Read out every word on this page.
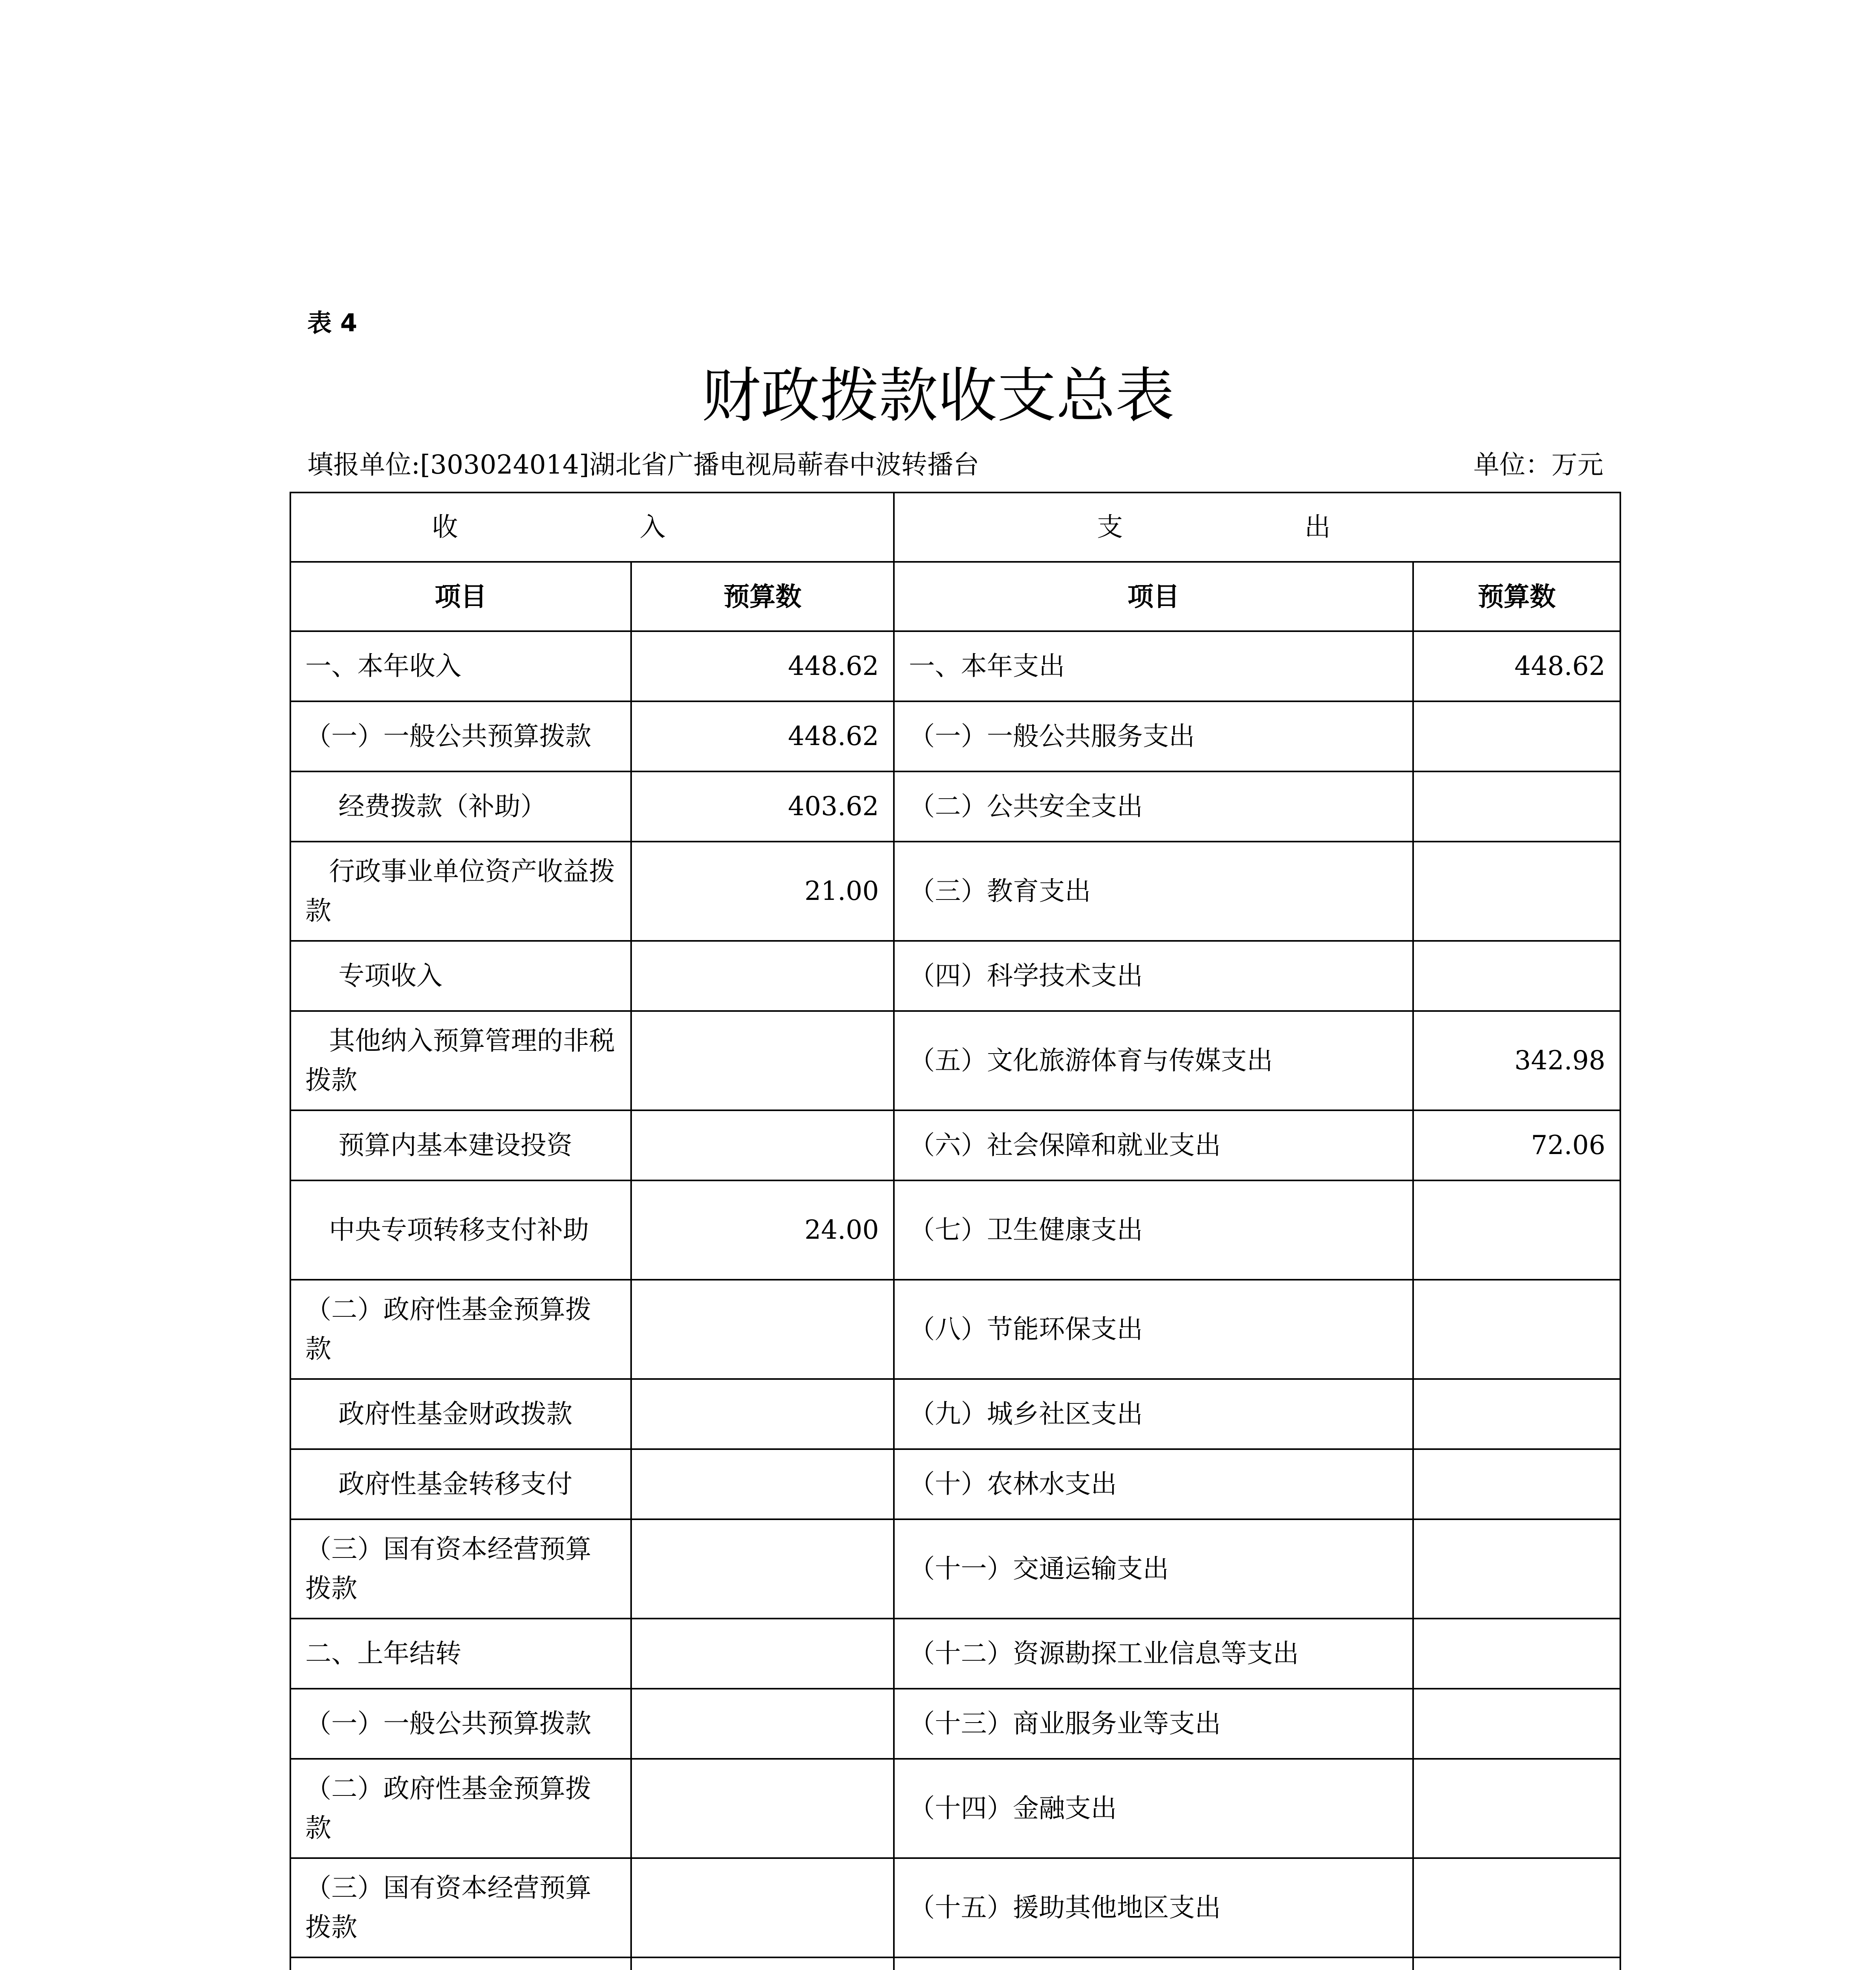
表 4
财政拨款收支总表
填报单位:[303024014]湖北省广播电视局蕲春中波转播台	单位：万元
收 入		支 出	
项目	预算数	项目	预算数
一、本年收入	448.62	一、本年支出	448.62
（一）一般公共预算拨款	448.62	（一）一般公共服务支出	
经费拨款（补助）	403.62	（二）公共安全支出	
行政事业单位资产收益拨款	21.00	（三）教育支出	
专项收入		（四）科学技术支出	
其他纳入预算管理的非税拨款		（五）文化旅游体育与传媒支出	342.98
预算内基本建设投资		（六）社会保障和就业支出	72.06
中央专项转移支付补助	24.00	（七）卫生健康支出	
（二）政府性基金预算拨款		（八）节能环保支出	
政府性基金财政拨款		（九）城乡社区支出	
政府性基金转移支付		（十）农林水支出	
（三）国有资本经营预算拨款		（十一）交通运输支出	
二、上年结转		（十二）资源勘探工业信息等支出	
（一）一般公共预算拨款		（十三）商业服务业等支出	
（二）政府性基金预算拨款		（十四）金融支出	
（三）国有资本经营预算拨款		（十五）援助其他地区支出	
